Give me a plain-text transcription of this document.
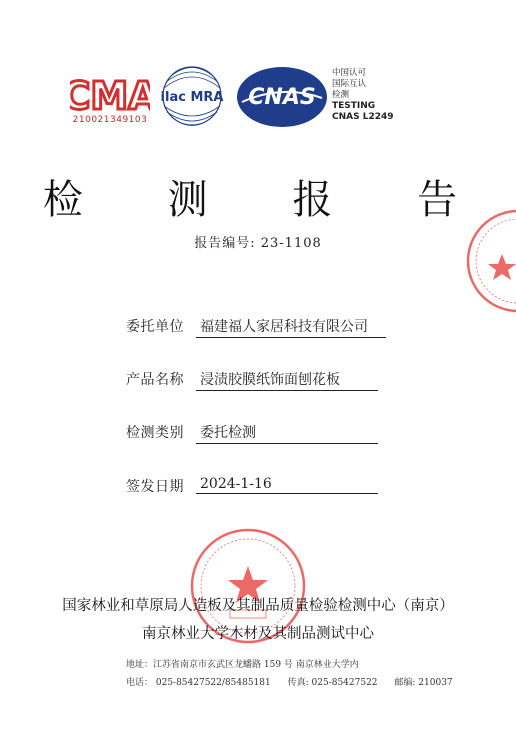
CMA
210021349103
ilac MRA CNAS
中国认可
国际互认
检测
TESTING
CNAS L2249
检 测 报 告
报告编号: 23-1108
委托单位	福建福人家居科技有限公司
产品名称	浸渍胶膜纸饰面刨花板
检测类别	委托检测
签发日期	2024-1-16
国家林业和草原局人造板及其制品质量检验检测中心（南京）
南京林业大学木材及其制品测试中心
地址：江苏省南京市玄武区龙蟠路 159 号 南京林业大学内
电话： 025-85427522/85485181 传真: 025-85427522 邮编: 210037
